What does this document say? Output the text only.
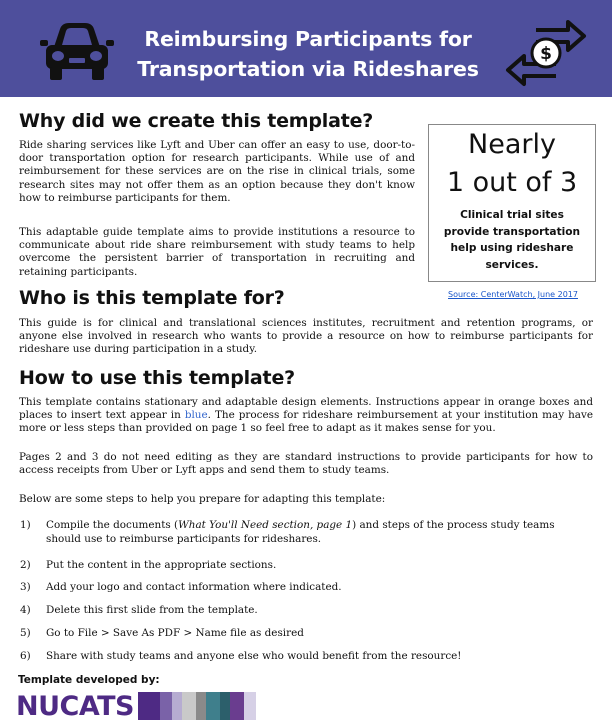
Reimbursing Participants for
Transportation via Rideshares
$
Why did we create this template?

Ride sharing services like Lyft and Uber can offer an easy to use, door-to-door transportation option for research participants. While use of and reimbursement for these services are on the rise in clinical trials, some research sites may not offer them as an option because they don't know how to reimburse participants for them.

This adaptable guide template aims to provide institutions a resource to communicate about ride share reimbursement with study teams to help overcome the persistent barrier of transportation in recruiting and retaining participants.

Nearly
1 out of 3
Clinical trial sites provide transportation help using rideshare services.
Source: CenterWatch, June 2017
Who is this template for?

This guide is for clinical and translational sciences institutes, recruitment and retention programs, or anyone else involved in research who wants to provide a resource on how to reimburse participants for rideshare use during participation in a study.

How to use this template?

This template contains stationary and adaptable design elements. Instructions appear in orange boxes and places to insert text appear in blue. The process for rideshare reimbursement at your institution may have more or less steps than provided on page 1 so feel free to adapt as it makes sense for you.

Pages 2 and 3 do not need editing as they are standard instructions to provide participants for how to access receipts from Uber or Lyft apps and send them to study teams.

Below are some steps to help you prepare for adapting this template:

1) Compile the documents (What You'll Need section, page 1) and steps of the process study teams should use to reimburse participants for rideshares.
2) Put the content in the appropriate sections.
3) Add your logo and contact information where indicated.
4) Delete this first slide from the template.
5) Go to File > Save As PDF > Name file as desired
6) Share with study teams and anyone else who would benefit from the resource!
Template developed by:
NUCATS
